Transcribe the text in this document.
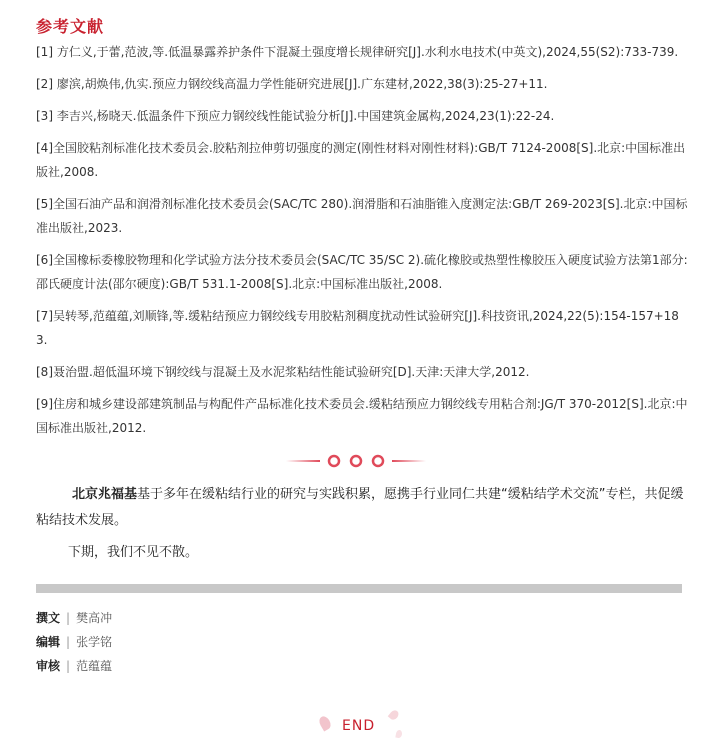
参考文献
[1] 方仁义,于蕾,范波,等.低温暴露养护条件下混凝土强度增长规律研究[J].水利水电技术(中英文),2024,55(S2):733-739.
[2] 廖滨,胡焕伟,仇实.预应力钢绞线高温力学性能研究进展[J].广东建材,2022,38(3):25-27+11.
[3] 李吉兴,杨晓天.低温条件下预应力钢绞线性能试验分析[J].中国建筑金属构,2024,23(1):22-24.
[4]全国胶粘剂标准化技术委员会.胶粘剂拉伸剪切强度的测定(刚性材料对刚性材料):GB/T 7124-2008[S].北京:中国标准出版社,2008.
[5]全国石油产品和润滑剂标准化技术委员会(SAC/TC 280).润滑脂和石油脂锥入度测定法:GB/T 269-2023[S].北京:中国标准出版社,2023.
[6]全国橡标委橡胶物理和化学试验方法分技术委员会(SAC/TC 35/SC 2).硫化橡胶或热塑性橡胶压入硬度试验方法第1部分:邵氏硬度计法(邵尔硬度):GB/T 531.1-2008[S].北京:中国标准出版社,2008.
[7]吴转琴,范蕴蕴,刘顺锋,等.缓粘结预应力钢绞线专用胶粘剂稠度扰动性试验研究[J].科技资讯,2024,22(5):154-157+183.
[8]聂治盟.超低温环境下钢绞线与混凝土及水泥浆粘结性能试验研究[D].天津:天津大学,2012.
[9]住房和城乡建设部建筑制品与构配件产品标准化技术委员会.缓粘结预应力钢绞线专用粘合剂:JG/T 370-2012[S].北京:中国标准出版社,2012.

北京兆福基基于多年在缓粘结行业的研究与实践积累，愿携手行业同仁共建“缓粘结学术交流”专栏，共促缓粘结技术发展。

下期，我们不见不散。

撰文 | 樊高冲
编辑 | 张学铭
审核 | 范蕴蕴
END
